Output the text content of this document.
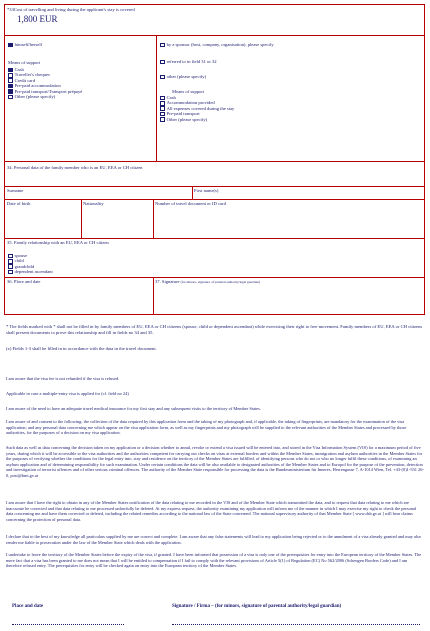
*33Cost of travelling and living during the applicant's stay is covered
1,800 EUR
himself/herself
Means of support
Cash
Traveller's cheques
Credit card
Pre-paid accommodation
Pre-paid transport/Transport prépayé
Other (please specify)
by a sponsor (host, company, organisation), please specify
referred to in field 31 or 32
other (please specify)
Means of support
Cash
Accommodation provided
All expenses covered during the stay
Pre-paid transport
Other (please specify)
34. Personal data of the family member who is an EU, EEA or CH citizen
Surname	First name(s)
Date of birth	Nationality	Number of travel document or ID card
35. Family relationship with an EU, EEA or CH citizen
spouse
child
grandchild
dependent ascendant
36. Place and date	37. Signature (for minors, signature of parental authority/legal guardian)
* The fields marked with * shall not be filled in by family members of EU, EEA or CH citizens (spouse, child or dependent ascendant) while exercising their right to free movement. Family members of EU, EEA or CH citizens shall present documents to prove this relationship and fill in fields no 34 and 35.
(x) Fields 1-3 shall be filled in in accordance with the data in the travel document.
I am aware that the visa fee is not refunded if the visa is refused.
Applicable in case a multiple-entry visa is applied for (cf. field no 24)
I am aware of the need to have an adequate travel medical insurance for my first stay and any subsequent visits to the territory of Member States.
I am aware of and consent to the following: the collection of the data required by this application form and the taking of my photograph and, if applicable, the taking of fingerprints, are mandatory for the examination of the visa application; and any personal data concerning me which appear on the visa application form, as well as my fingerprints and my photograph will be supplied to the relevant authorities of the Member States and processed by those authorities, for the purposes of a decision on my visa application.
Such data as well as data concerning the decision taken on my application or a decision whether to annul, revoke or extend a visa issued will be entered into, and stored in the Visa Information System (VIS) for a maximum period of five years, during which it will be accessible to the visa authorities and the authorities competent for carrying out checks on visas at external borders and within the Member States, immigration and asylum authorities in the Member States for the purposes of verifying whether the conditions for the legal entry into, stay and residence on the territory of the Member States are fulfilled, of identifying persons who do not or who no longer fulfil these conditions, of examining an asylum application and of determining responsibility for such examination. Under certain conditions the data will be also available to designated authorities of the Member States and to Europol for the purpose of the prevention, detection and investigation of terrorist offences and of other serious criminal offences. The authority of the Member State responsible for processing the data is the Bundesministerium für Inneres, Herrengasse 7, A-1014 Wien, Tel. +43-(0)1-531 26-0, post@bmi.gv.at
I am aware that I have the right to obtain in any of the Member States notification of the data relating to me recorded in the VIS and of the Member State which transmitted the data, and to request that data relating to me which are inaccurate be corrected and that data relating to me processed unlawfully be deleted. At my express request, the authority examining my application will inform me of the manner in which I may exercise my right to check the personal data concerning me and have them corrected or deleted, including the related remedies according to the national law of the State concerned. The national supervisory authority of that Member State [ www.dsb.gv.at ] will hear claims concerning the protection of personal data.
I declare that to the best of my knowledge all particulars supplied by me are correct and complete. I am aware that any false statements will lead to my application being rejected or to the annulment of a visa already granted and may also render me liable to prosecution under the law of the Member State which deals with the application.
I undertake to leave the territory of the Member States before the expiry of the visa, if granted. I have been informed that possession of a visa is only one of the prerequisites for entry into the European territory of the Member States. The mere fact that a visa has been granted to me does not mean that I will be entitled to compensation if I fail to comply with the relevant provisions of Article 5(1) of Regulation (EC) No 562/2006 (Schengen Borders Code) and I am therefore refused entry. The prerequisites for entry will be checked again on entry into the European territory of the Member States.
Place and date	Signature / Firma – (for minors, signature of parental authority/legal guardian)
